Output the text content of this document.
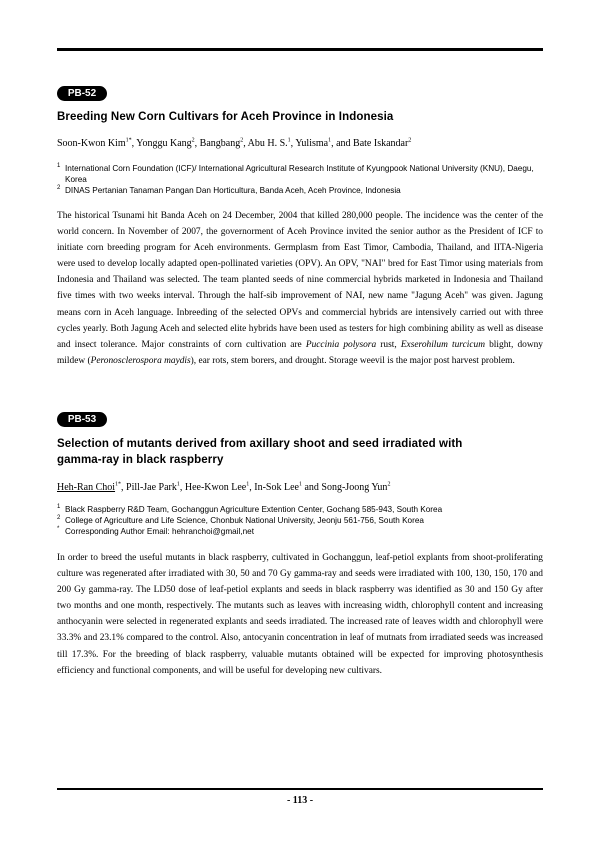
PB-52
Breeding New Corn Cultivars for Aceh Province in Indonesia
Soon-Kwon Kim$^{1*}$, Yonggu Kang$^2$, Bangbang$^2$, Abu H. S.$^1$, Yulisma$^1$, and Bate Iskandar$^2$
1 International Corn Foundation (ICF)/ International Agricultural Research Institute of Kyungpook National University (KNU), Daegu, Korea
2 DINAS Pertanian Tanaman Pangan Dan Horticultura, Banda Aceh, Aceh Province, Indonesia
The historical Tsunami hit Banda Aceh on 24 December, 2004 that killed 280,000 people. The incidence was the center of the world concern. In November of 2007, the governorment of Aceh Province invited the senior author as the President of ICF to initiate corn breeding program for Aceh environments. Germplasm from East Timor, Cambodia, Thailand, and IITA-Nigeria were used to develop locally adapted open-pollinated varieties (OPV). An OPV, "NAI" bred for East Timor using materials from Indonesia and Thailand was selected. The team planted seeds of nine commercial hybrids marketed in Indonesia and Thailand five times with two weeks interval. Through the half-sib improvement of NAI, new name "Jagung Aceh" was given. Jagung means corn in Aceh language. Inbreeding of the selected OPVs and commercial hybrids are intensively carried out with three cycles yearly. Both Jagung Aceh and selected elite hybrids have been used as testers for high combining ability as well as disease and insect tolerance. Major constraints of corn cultivation are Puccinia polysora rust, Exserohilum turcicum blight, downy mildew (Peronosclerospora maydis), ear rots, stem borers, and drought. Storage weevil is the major post harvest problem.
PB-53
Selection of mutants derived from axillary shoot and seed irradiated with
gamma-ray in black raspberry
Heh-Ran Choi$^{1*}$, Pill-Jae Park$^1$, Hee-Kwon Lee$^1$, In-Sok Lee$^1$ and Song-Joong Yun$^2$
1 Black Raspberry R&D Team, Gochanggun Agriculture Extention Center, Gochang 585-943, South Korea
2 College of Agriculture and Life Science, Chonbuk National University, Jeonju 561-756, South Korea
* Corresponding Author Email: hehranchoi@gmail,net
In order to breed the useful mutants in black raspberry, cultivated in Gochanggun, leaf-petiol explants from shoot-proliferating culture was regenerated after irradiated with 30, 50 and 70 Gy gamma-ray and seeds were irradiated with 100, 130, 150, 170 and 200 Gy gamma-ray. The LD50 dose of leaf-petiol explants and seeds in black raspberry was identified as 30 and 150 Gy after two months and one month, respectively. The mutants such as leaves with increasing width, chlorophyll content and increasing anthocyanin were selected in regenerated explants and seeds irradiated. The increased rate of leaves width and chlorophyll were 33.3% and 23.1% compared to the control. Also, antocyanin concentration in leaf of mutnats from irradiated seeds was increased till 17.3%. For the breeding of black raspberry, valuable mutants obtained will be expected for improving photosynthesis efficiency and functional components, and will be useful for developing new cultivars.
- 113 -
